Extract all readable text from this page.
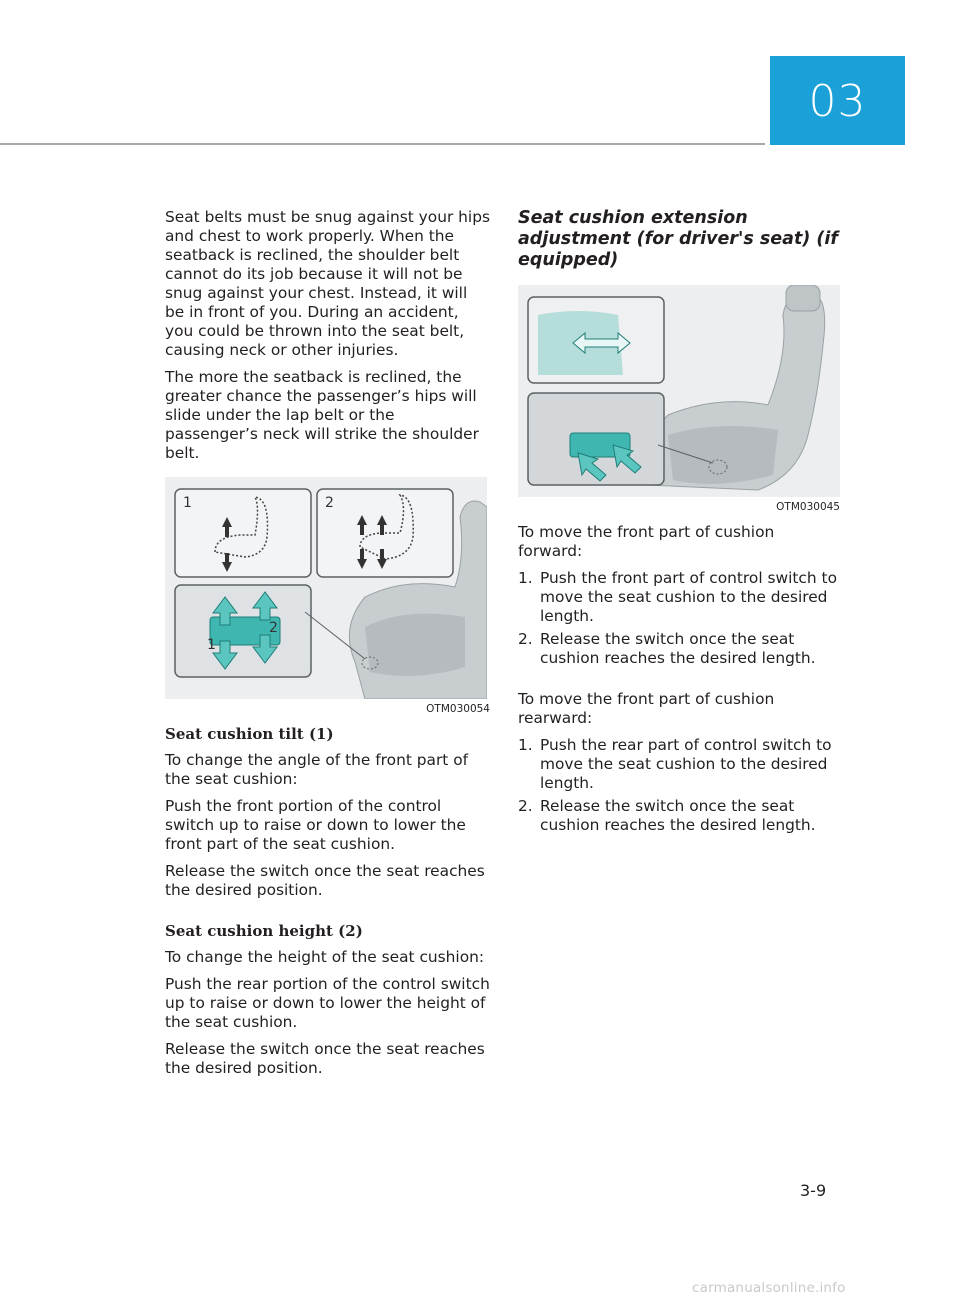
03

Seat belts must be snug against your hips and chest to work properly. When the seatback is reclined, the shoulder belt cannot do its job because it will not be snug against your chest. Instead, it will be in front of you. During an accident, you could be thrown into the seat belt, causing neck or other injuries.

The more the seatback is reclined, the greater chance the passenger’s hips will slide under the lap belt or the passenger’s neck will strike the shoulder belt.

1	2
1
2

OTM030054

Seat cushion tilt (1)

To change the angle of the front part of the seat cushion:

Push the front portion of the control switch up to raise or down to lower the front part of the seat cushion.

Release the switch once the seat reaches the desired position.

Seat cushion height (2)

To change the height of the seat cushion:

Push the rear portion of the control switch up to raise or down to lower the height of the seat cushion.

Release the switch once the seat reaches the desired position.

Seat cushion extension adjustment (for driver's seat) (if equipped)

OTM030045

To move the front part of cushion forward:

1. Push the front part of control switch to move the seat cushion to the desired length.
2. Release the switch once the seat cushion reaches the desired length.

To move the front part of cushion rearward:

1. Push the rear part of control switch to move the seat cushion to the desired length.
2. Release the switch once the seat cushion reaches the desired length.
3-9
carmanualsonline.info
